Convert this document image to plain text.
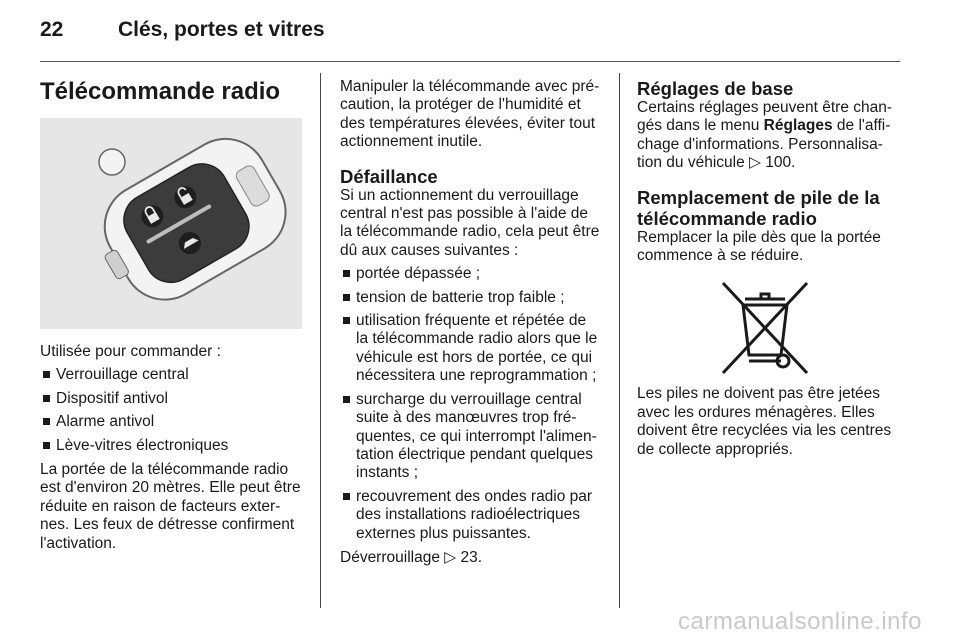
22	Clés, portes et vitres
Télécommande radio

Utilisée pour commander :

Verrouillage central
Dispositif antivol
Alarme antivol
Lève-vitres électroniques

La portée de la télécommande radio
est d'environ 20 mètres. Elle peut être
réduite en raison de facteurs exter-
nes. Les feux de détresse confirment
l'activation.

Manipuler la télécommande avec pré-
caution, la protéger de l'humidité et
des températures élevées, éviter tout
actionnement inutile.

Défaillance

Si un actionnement du verrouillage
central n'est pas possible à l'aide de
la télécommande radio, cela peut être
dû aux causes suivantes :

portée dépassée ;
tension de batterie trop faible ;
utilisation fréquente et répétée de
la télécommande radio alors que le
véhicule est hors de portée, ce qui
nécessitera une reprogrammation ;
surcharge du verrouillage central
suite à des manœuvres trop fré-
quentes, ce qui interrompt l'alimen-
tation électrique pendant quelques
instants ;
recouvrement des ondes radio par
des installations radioélectriques
externes plus puissantes.

Déverrouillage ▷ 23.

Réglages de base

Certains réglages peuvent être chan-
gés dans le menu Réglages de l'affi-
chage d'informations. Personnalisa-
tion du véhicule ▷ 100.

Remplacement de pile de la
télécommande radio

Remplacer la pile dès que la portée
commence à se réduire.

Les piles ne doivent pas être jetées
avec les ordures ménagères. Elles
doivent être recyclées via les centres
de collecte appropriés.

carmanualsonline.info
